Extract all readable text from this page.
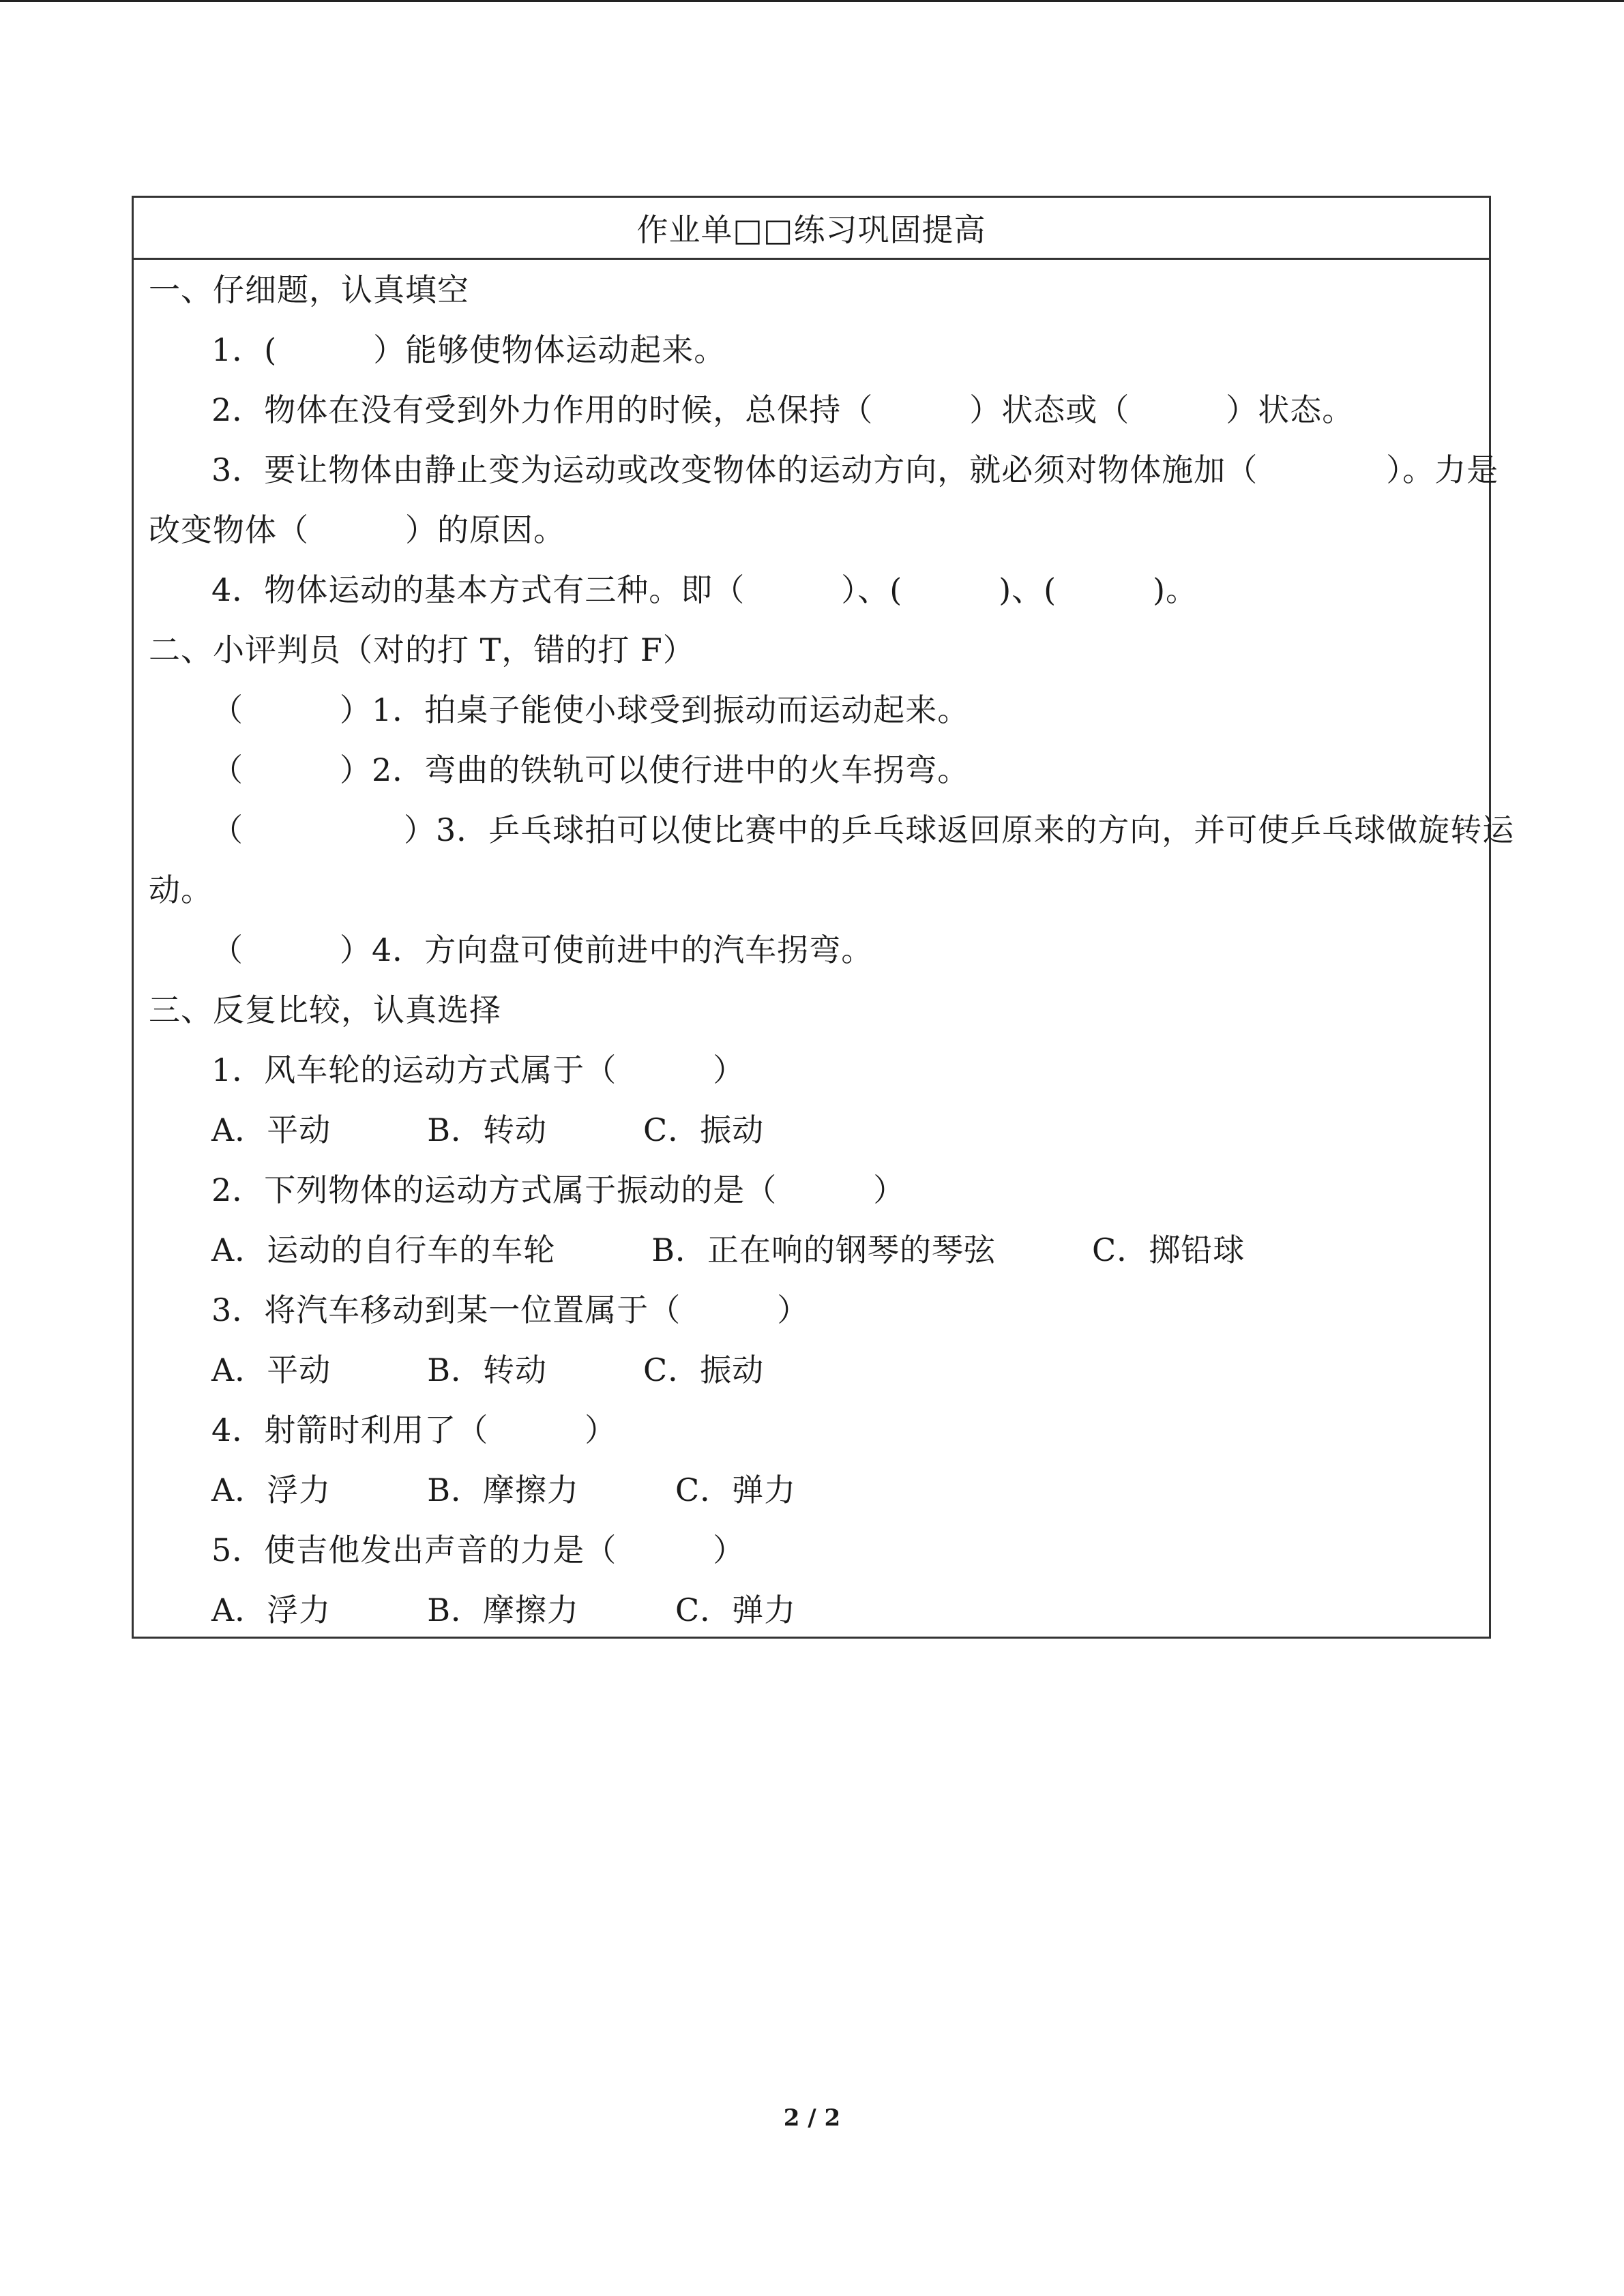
作业单□□练习巩固提高
一、仔细题，认真填空
1．(　　　）能够使物体运动起来。
2．物体在没有受到外力作用的时候，总保持（　　　）状态或（　　　）状态。
3．要让物体由静止变为运动或改变物体的运动方向，就必须对物体施加（　　　　）。力是
改变物体（　　　）的原因。
4．物体运动的基本方式有三种。即（　　　）、(　　　)、(　　　)。
二、小评判员（对的打 T，错的打 F）
（　　　）1．拍桌子能使小球受到振动而运动起来。
（　　　）2．弯曲的铁轨可以使行进中的火车拐弯。
（　　　　　）3．乒乓球拍可以使比赛中的乒乓球返回原来的方向，并可使乒乓球做旋转运
动。
（　　　）4．方向盘可使前进中的汽车拐弯。
三、反复比较，认真选择
1．风车轮的运动方式属于（　　　）
A．平动　　　B．转动　　　C．振动
2．下列物体的运动方式属于振动的是（　　　）
A．运动的自行车的车轮　　　B．正在响的钢琴的琴弦　　　C．掷铅球
3．将汽车移动到某一位置属于（　　　）
A．平动　　　B．转动　　　C．振动
4．射箭时利用了（　　　）
A．浮力　　　B．摩擦力　　　C．弹力
5．使吉他发出声音的力是（　　　）
A．浮力　　　B．摩擦力　　　C．弹力
2 / 2
